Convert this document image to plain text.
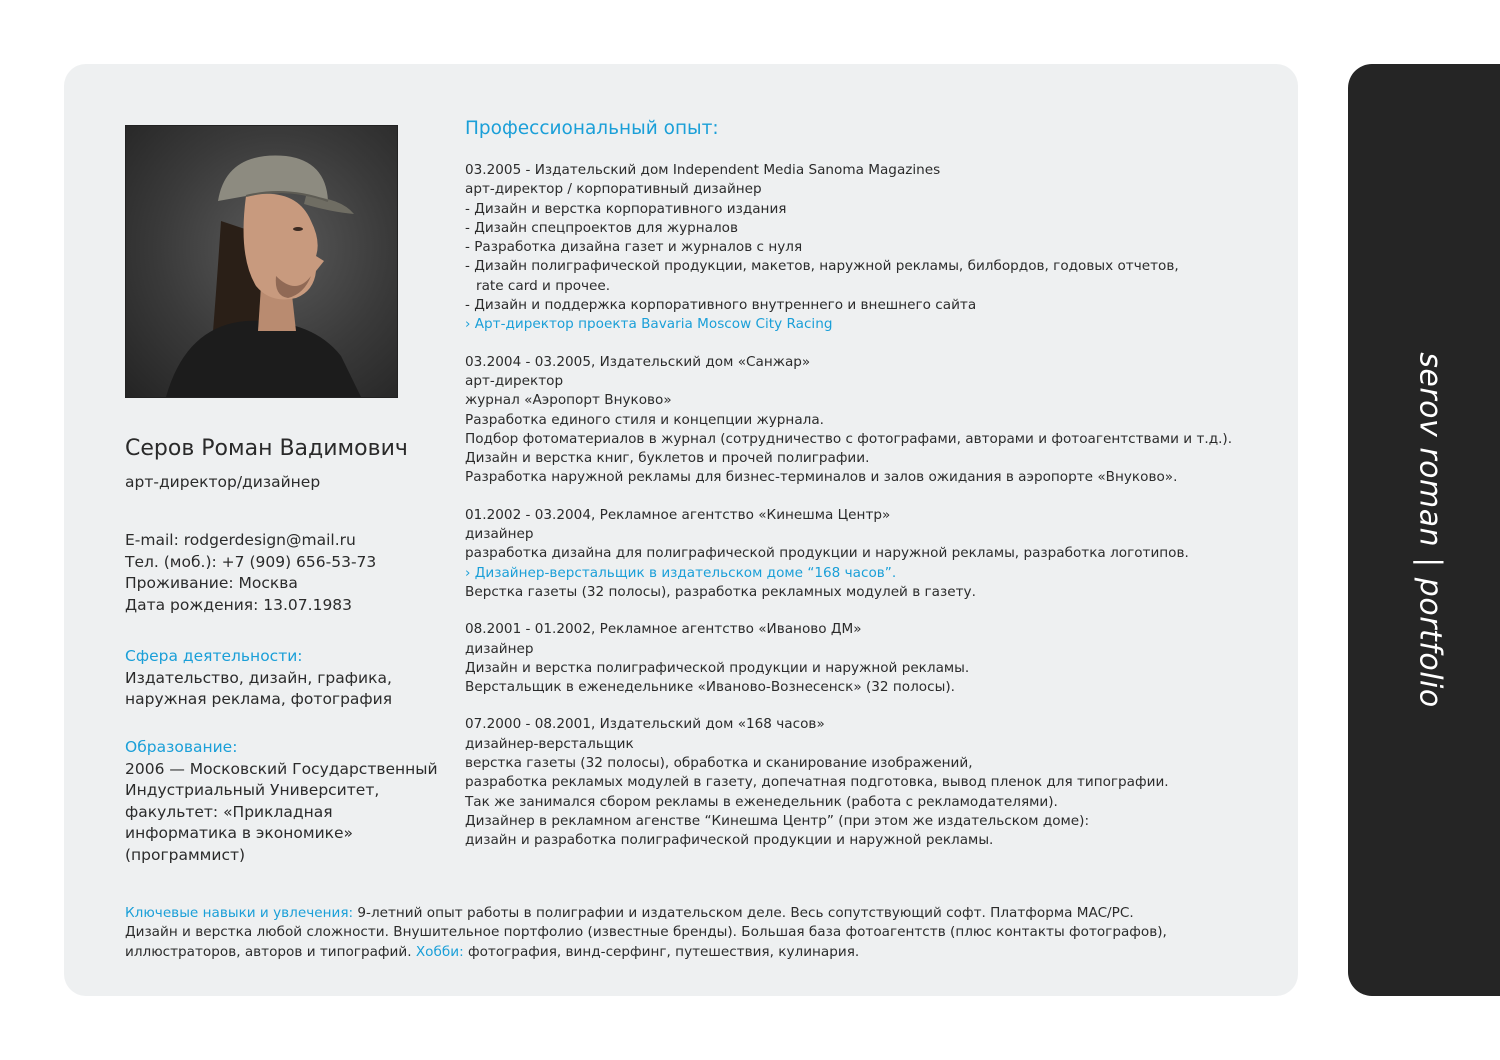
Серов Роман Вадимович
арт-директор/дизайнер
E-mail: rodgerdesign@mail.ru
Тел. (моб.): +7 (909) 656-53-73
Проживание: Москва
Дата рождения: 13.07.1983
Сфера деятельности:
Издательство, дизайн, графика,
наружная реклама, фотография
Образование:
2006 — Московский Государственный
Индустриальный Университет,
факультет: «Прикладная
информатика в экономике»
(программист)
Профессиональный опыт:
03.2005 - Издательский дом Independent Media Sanoma Magazines
арт-директор / корпоративный дизайнер
- Дизайн и верстка корпоративного издания
- Дизайн спецпроектов для журналов
- Разработка дизайна газет и журналов с нуля
- Дизайн полиграфической продукции, макетов, наружной рекламы, билбордов, годовых отчетов,
rate card и прочее.
- Дизайн и поддержка корпоративного внутреннего и внешнего сайта
› Арт-директор проекта Bavaria Moscow City Racing
03.2004 - 03.2005, Издательский дом «Санжар»
арт-директор
журнал «Аэропорт Внуково»
Разработка единого стиля и концепции журнала.
Подбор фотоматериалов в журнал (сотрудничество с фотографами, авторами и фотоагентствами и т.д.).
Дизайн и верстка книг, буклетов и прочей полиграфии.
Разработка наружной рекламы для бизнес-терминалов и залов ожидания в аэропорте «Внуково».
01.2002 - 03.2004, Рекламное агентство «Кинешма Центр»
дизайнер
разработка дизайна для полиграфической продукции и наружной рекламы, разработка логотипов.
› Дизайнер-верстальщик в издательском доме “168 часов”.
Верстка газеты (32 полосы), разработка рекламных модулей в газету.
08.2001 - 01.2002, Рекламное агентство «Иваново ДМ»
дизайнер
Дизайн и верстка полиграфической продукции и наружной рекламы.
Верстальщик в еженедельнике «Иваново-Вознесенск» (32 полосы).
07.2000 - 08.2001, Издательский дом «168 часов»
дизайнер-верстальщик
верстка газеты (32 полосы), обработка и сканирование изображений,
разработка рекламых модулей в газету, допечатная подготовка, вывод пленок для типографии.
Так же занимался сбором рекламы в еженедельник (работа с рекламодателями).
Дизайнер в рекламном агенстве “Кинешма Центр” (при этом же издательском доме):
дизайн и разработка полиграфической продукции и наружной рекламы.
Ключевые навыки и увлечения: 9-летний опыт работы в полиграфии и издательском деле. Весь сопутствующий софт. Платформа MAC/PC.
Дизайн и верстка любой сложности. Внушительное портфолио (известные бренды). Большая база фотоагентств (плюс контакты фотографов),
иллюстраторов, авторов и типографий. Хобби: фотография, винд-серфинг, путешествия, кулинария.
serov roman | portfolio
